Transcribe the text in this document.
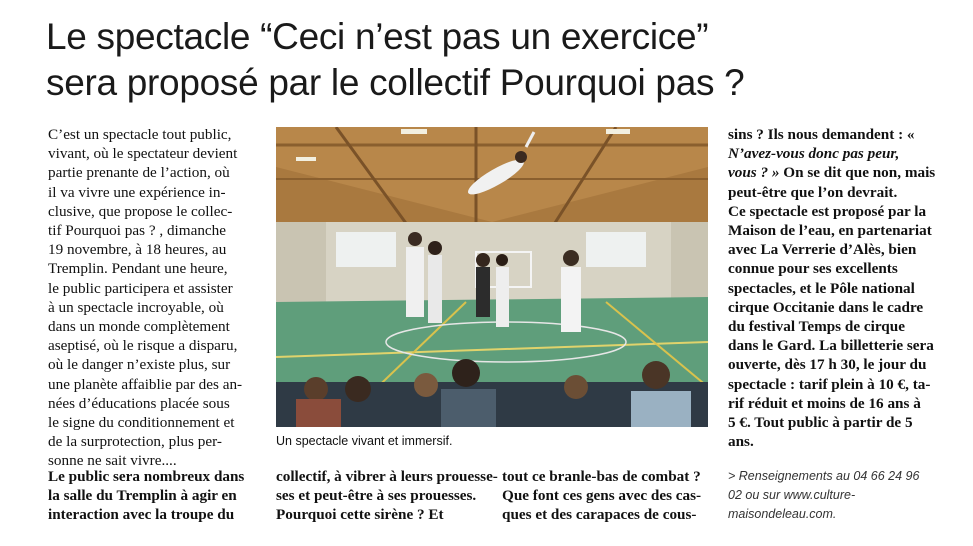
Le spectacle “Ceci n’est pas un exercice”
sera proposé par le collectif Pourquoi pas ?
C’est un spectacle tout public,
vivant, où le spectateur devient
partie prenante de l’action, où
il va vivre une expérience in-
clusive, que propose le collec-
tif Pourquoi pas ? , dimanche
19 novembre, à 18 heures, au
Tremplin. Pendant une heure,
le public participera et assister
à un spectacle incroyable, où
dans un monde complètement
aseptisé, où le risque a disparu,
où le danger n’existe plus, sur
une planète affaiblie par des an-
nées d’éducations placée sous
le signe du conditionnement et
de la surprotection, plus per-
sonne ne sait vivre....
Le public sera nombreux dans
la salle du Tremplin à agir en
interaction avec la troupe du
Un spectacle vivant et immersif.
collectif, à vibrer à leurs prouesse-
ses et peut-être à ses prouesses.
Pourquoi cette sirène ? Et
tout ce branle-bas de combat ?
Que font ces gens avec des cas-
ques et des carapaces de cous-
sins ? Ils nous demandent : «
N’avez-vous donc pas peur,
vous ? » On se dit que non, mais
peut-être que l’on devrait.
Ce spectacle est proposé par la
Maison de l’eau, en partenariat
avec La Verrerie d’Alès, bien
connue pour ses excellents
spectacles, et le Pôle national
cirque Occitanie dans le cadre
du festival Temps de cirque
dans le Gard. La billetterie sera
ouverte, dès 17 h 30, le jour du
spectacle : tarif plein à 10 €, ta-
rif réduit et moins de 16 ans à
5 €. Tout public à partir de 5
ans.
> Renseignements au 04 66 24 96
02 ou sur www.culture-
maisondeleau.com.
